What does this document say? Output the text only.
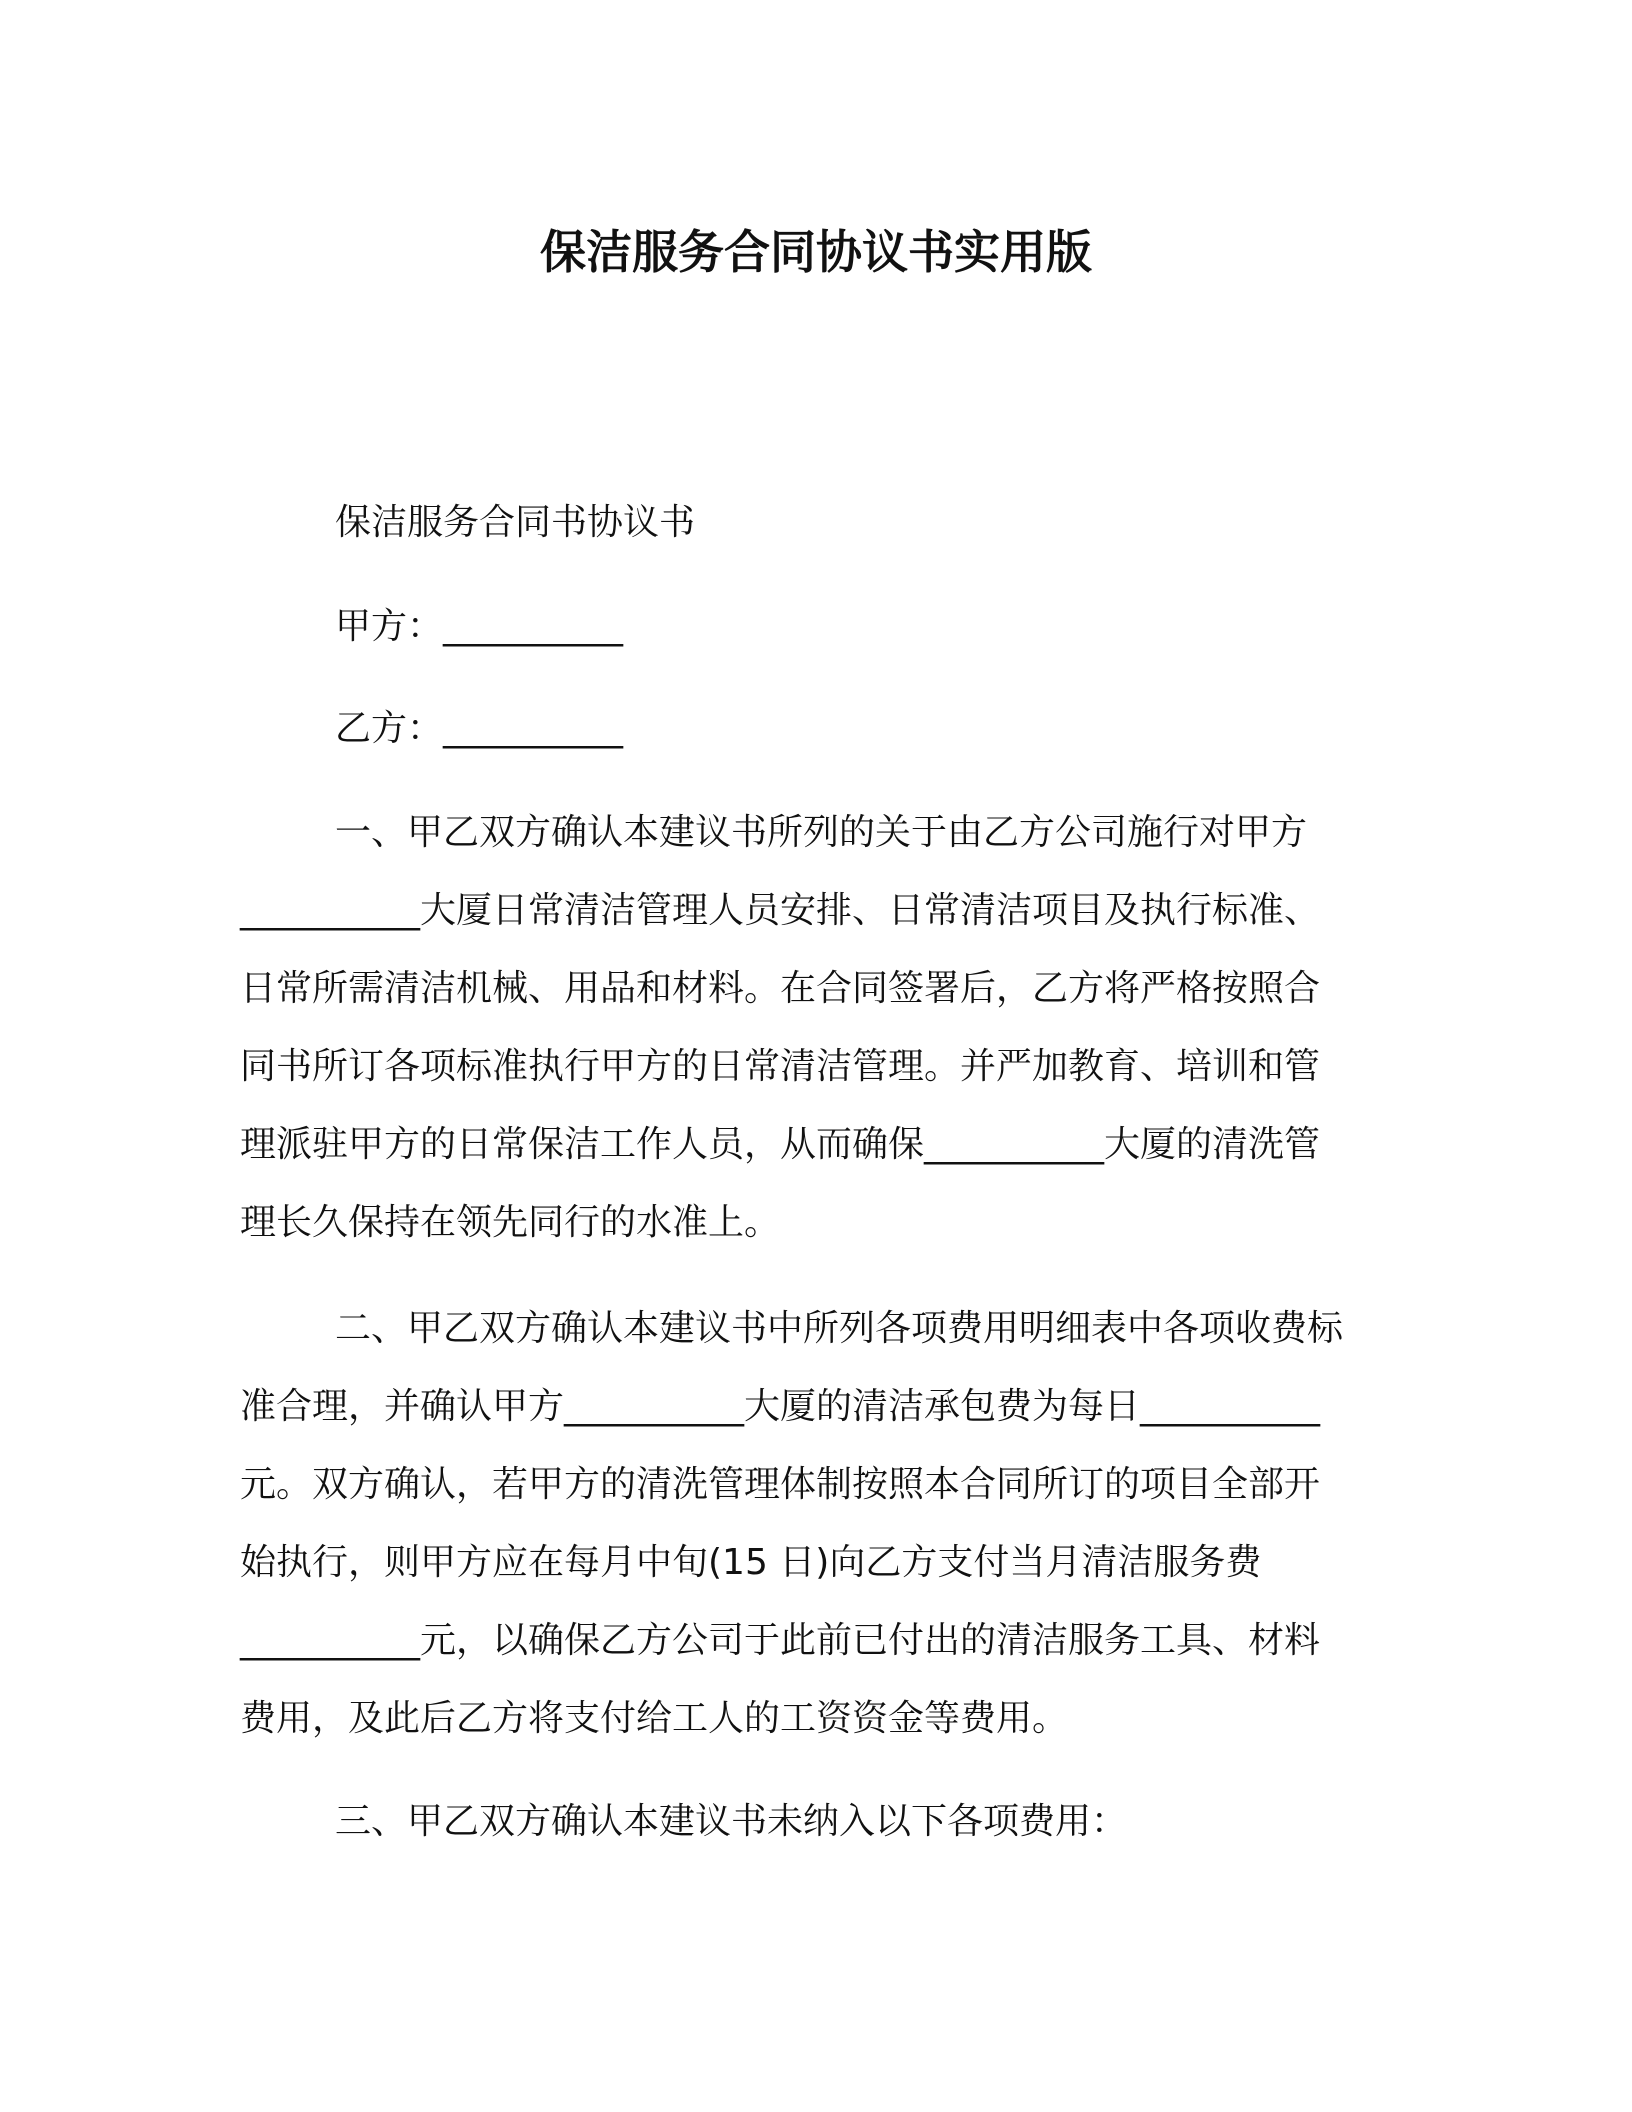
保洁服务合同协议书实用版
保洁服务合同书协议书
甲方：__________
乙方：__________
一、甲乙双方确认本建议书所列的关于由乙方公司施行对甲方
__________大厦日常清洁管理人员安排、日常清洁项目及执行标准、
日常所需清洁机械、用品和材料。在合同签署后，乙方将严格按照合
同书所订各项标准执行甲方的日常清洁管理。并严加教育、培训和管
理派驻甲方的日常保洁工作人员，从而确保__________大厦的清洗管
理长久保持在领先同行的水准上。
二、甲乙双方确认本建议书中所列各项费用明细表中各项收费标
准合理，并确认甲方__________大厦的清洁承包费为每日__________
元。双方确认，若甲方的清洗管理体制按照本合同所订的项目全部开
始执行，则甲方应在每月中旬(15 日)向乙方支付当月清洁服务费
__________元，以确保乙方公司于此前已付出的清洁服务工具、材料
费用，及此后乙方将支付给工人的工资资金等费用。
三、甲乙双方确认本建议书未纳入以下各项费用：
